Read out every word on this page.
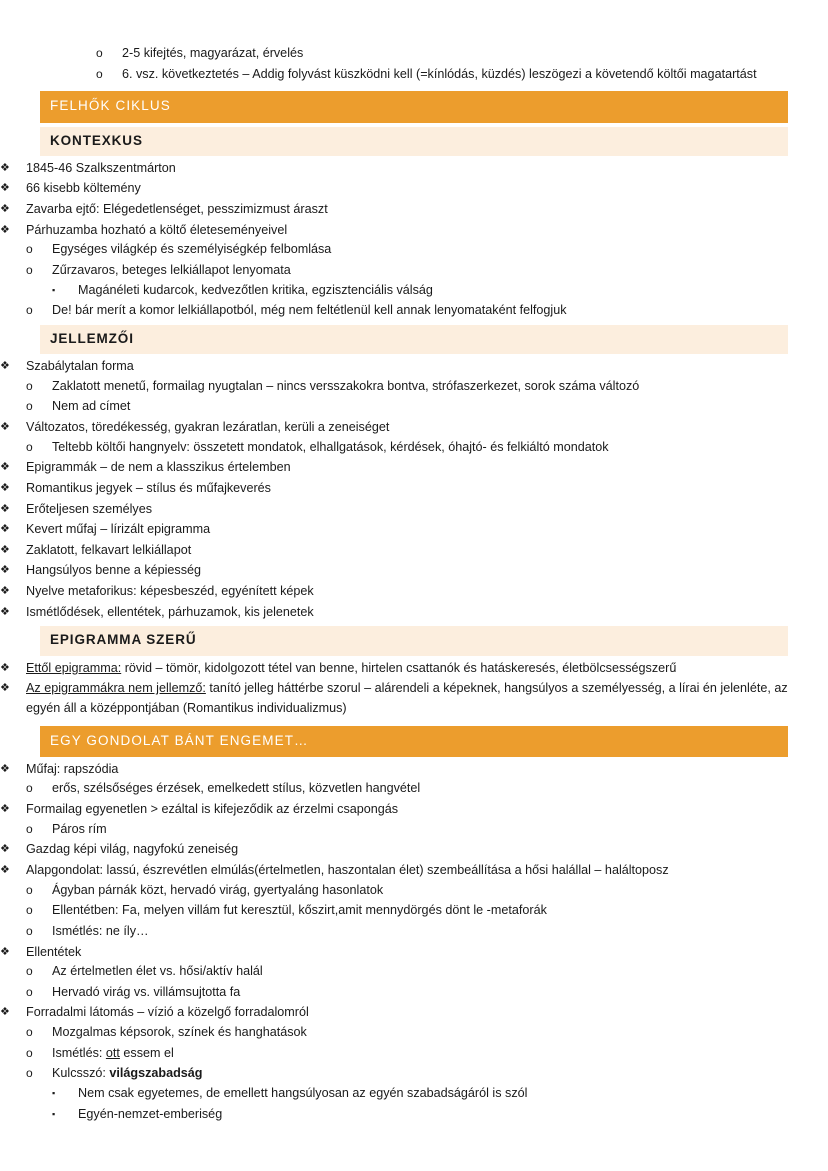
o	2-5 kifejtés, magyarázat, érvelés
o	6. vsz. következtetés – Addig folyvást küszködni kell (=kínlódás, küzdés) leszögezi a követendő költői magatartást
FELHŐK CIKLUS
KONTEXKUS
❖	1845-46 Szalkszentmárton
❖	66 kisebb költemény
❖	Zavarba ejtő: Elégedetlenséget, pesszimizmust áraszt
❖	Párhuzamba hozható a költő életeseményeivel
o	Egységes világkép és személyiségkép felbomlása
o	Zűrzavaros, beteges lelkiállapot lenyomata
▪	Magánéleti kudarcok, kedvezőtlen kritika, egzisztenciális válság
o	De! bár merít a komor lelkiállapotból, még nem feltétlenül kell annak lenyomataként felfogjuk
JELLEMZŐI
❖	Szabálytalan forma
o	Zaklatott menetű, formailag nyugtalan – nincs versszakokra bontva, strófaszerkezet, sorok száma változó
o	Nem ad címet
❖	Változatos, töredékesség, gyakran lezáratlan, kerüli a zeneiséget
o	Teltebb költői hangnyelv: összetett mondatok, elhallgatások, kérdések, óhajtó- és felkiáltó mondatok
❖	Epigrammák – de nem a klasszikus értelemben
❖	Romantikus jegyek – stílus és műfajkeverés
❖	Erőteljesen személyes
❖	Kevert műfaj – lírizált epigramma
❖	Zaklatott, felkavart lelkiállapot
❖	Hangsúlyos benne a képiesség
❖	Nyelve metaforikus: képesbeszéd, egyénített képek
❖	Ismétlődések, ellentétek, párhuzamok, kis jelenetek
EPIGRAMMA SZERŰ
❖	Ettől epigramma: rövid – tömör, kidolgozott tétel van benne, hirtelen csattanók és hatáskeresés, életbölcsességszerű
❖	Az epigrammákra nem jellemző: tanító jelleg háttérbe szorul – alárendeli a képeknek, hangsúlyos a személyesség, a lírai én jelenléte, az egyén áll a középpontjában (Romantikus individualizmus)
EGY GONDOLAT BÁNT ENGEMET…
❖	Műfaj: rapszódia
o	erős, szélsőséges érzések, emelkedett stílus, közvetlen hangvétel
❖	Formailag egyenetlen > ezáltal is kifejeződik az érzelmi csapongás
o	Páros rím
❖	Gazdag képi világ, nagyfokú zeneiség
❖	Alapgondolat: lassú, észrevétlen elmúlás(értelmetlen, haszontalan élet) szembeállítása a hősi halállal – haláltoposz
o	Ágyban párnák közt, hervadó virág, gyertyaláng hasonlatok
o	Ellentétben: Fa, melyen villám fut keresztül, kőszirt,amit mennydörgés dönt le -metaforák
o	Ismétlés: ne íly…
❖	Ellentétek
o	Az értelmetlen élet vs. hősi/aktív halál
o	Hervadó virág vs. villámsujtotta fa
❖	Forradalmi látomás – vízió a közelgő forradalomról
o	Mozgalmas képsorok, színek és hanghatások
o	Ismétlés: ott essem el
o	Kulcsszó: világszabadság
▪	Nem csak egyetemes, de emellett hangsúlyosan az egyén szabadságáról is szól
▪	Egyén-nemzet-emberiség
